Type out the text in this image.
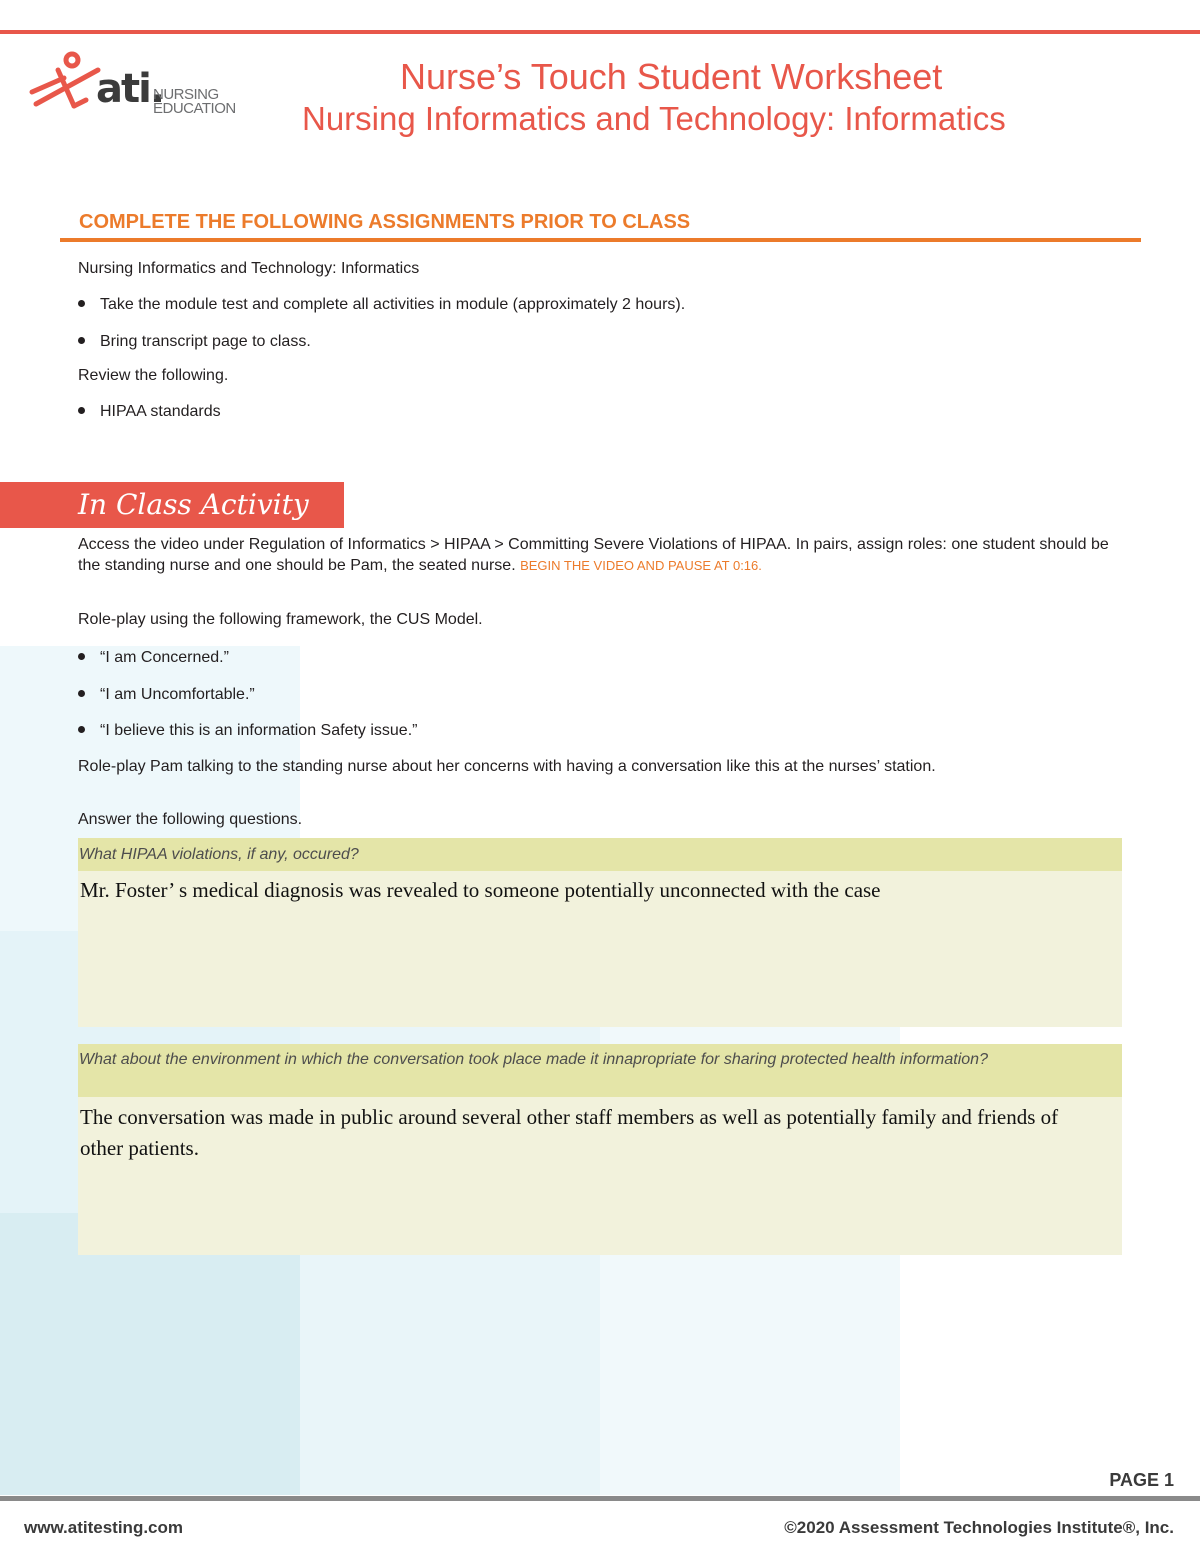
ati.
NURSING
EDUCATION
Nurse’s Touch Student Worksheet
Nursing Informatics and Technology: Informatics
COMPLETE THE FOLLOWING ASSIGNMENTS PRIOR TO CLASS
Nursing Informatics and Technology: Informatics
Take the module test and complete all activities in module (approximately 2 hours).
Bring transcript page to class.
Review the following.
HIPAA standards
In Class Activity
Access the video under Regulation of Informatics > HIPAA > Committing Severe Violations of HIPAA. In pairs, assign roles: one student should be the standing nurse and one should be Pam, the seated nurse. BEGIN THE VIDEO AND PAUSE AT 0:16.
Role-play using the following framework, the CUS Model.
“I am Concerned.”
“I am Uncomfortable.”
“I believe this is an information Safety issue.”
Role-play Pam talking to the standing nurse about her concerns with having a conversation like this at the nurses’ station.
Answer the following questions.
What HIPAA violations, if any, occured?
Mr. Foster’ s medical diagnosis was revealed to someone potentially unconnected with the case
What about the environment in which the conversation took place made it innapropriate for sharing protected health information?
The conversation was made in public around several other staff members as well as potentially family and friends of other patients.
PAGE 1
www.atitesting.com	©2020 Assessment Technologies Institute®, Inc.
